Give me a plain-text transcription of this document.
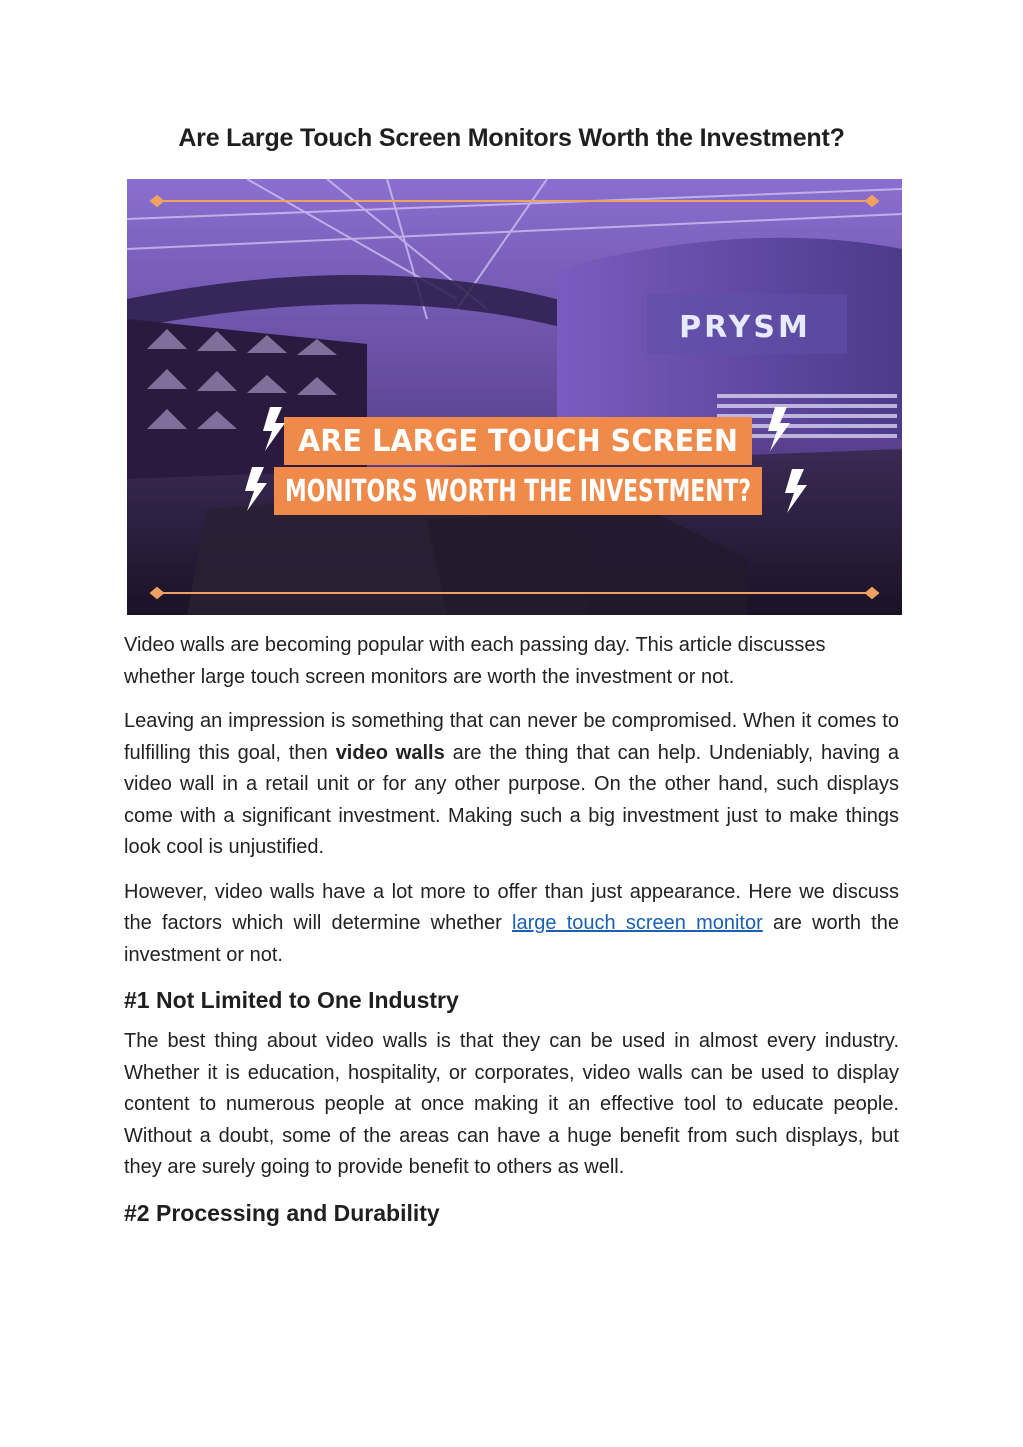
Are Large Touch Screen Monitors Worth the Investment?
PRYSM
ARE LARGE TOUCH SCREEN
MONITORS WORTH THE INVESTMENT?

Video walls are becoming popular with each passing day. This article discusses whether large touch screen monitors are worth the investment or not.

Leaving an impression is something that can never be compromised. When it comes to fulfilling this goal, then video walls are the thing that can help. Undeniably, having a video wall in a retail unit or for any other purpose. On the other hand, such displays come with a significant investment. Making such a big investment just to make things look cool is unjustified.

However, video walls have a lot more to offer than just appearance. Here we discuss the factors which will determine whether large touch screen monitor are worth the investment or not.

#1 Not Limited to One Industry

The best thing about video walls is that they can be used in almost every industry. Whether it is education, hospitality, or corporates, video walls can be used to display content to numerous people at once making it an effective tool to educate people. Without a doubt, some of the areas can have a huge benefit from such displays, but they are surely going to provide benefit to others as well.

#2 Processing and Durability
